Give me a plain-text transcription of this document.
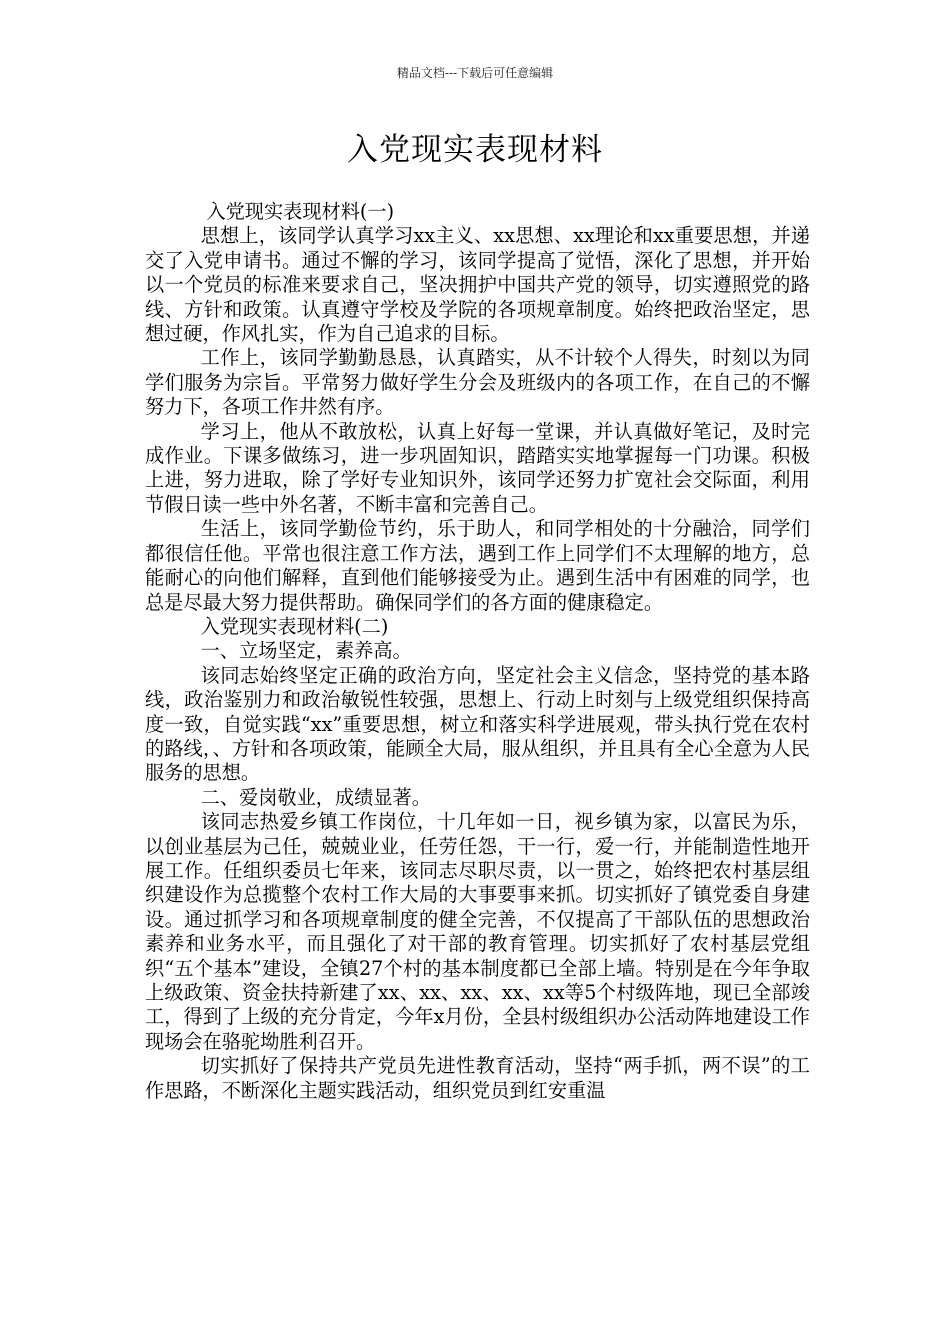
精品文档---下载后可任意编辑
入党现实表现材料

入党现实表现材料(一)

思想上，该同学认真学习xx主义、xx思想、xx理论和xx重要思想，并递交了入党申请书。通过不懈的学习，该同学提高了觉悟，深化了思想，并开始以一个党员的标准来要求自己，坚决拥护中国共产党的领导，切实遵照党的路线、方针和政策。认真遵守学校及学院的各项规章制度。始终把政治坚定，思想过硬，作风扎实，作为自己追求的目标。

工作上，该同学勤勤恳恳，认真踏实，从不计较个人得失，时刻以为同学们服务为宗旨。平常努力做好学生分会及班级内的各项工作，在自己的不懈努力下，各项工作井然有序。

学习上，他从不敢放松，认真上好每一堂课，并认真做好笔记，及时完成作业。下课多做练习，进一步巩固知识，踏踏实实地掌握每一门功课。积极上进，努力进取，除了学好专业知识外，该同学还努力扩宽社会交际面，利用节假日读一些中外名著，不断丰富和完善自己。

生活上，该同学勤俭节约，乐于助人，和同学相处的十分融洽，同学们都很信任他。平常也很注意工作方法，遇到工作上同学们不太理解的地方，总能耐心的向他们解释，直到他们能够接受为止。遇到生活中有困难的同学，也总是尽最大努力提供帮助。确保同学们的各方面的健康稳定。

入党现实表现材料(二)

一、立场坚定，素养高。

该同志始终坚定正确的政治方向，坚定社会主义信念，坚持党的基本路线，政治鉴别力和政治敏锐性较强，思想上、行动上时刻与上级党组织保持高度一致，自觉实践“xx”重要思想，树立和落实科学进展观，带头执行党在农村的路线，、方针和各项政策，能顾全大局，服从组织，并且具有全心全意为人民服务的思想。

二、爱岗敬业，成绩显著。

该同志热爱乡镇工作岗位，十几年如一日，视乡镇为家，以富民为乐，以创业基层为己任，兢兢业业，任劳任怨，干一行，爱一行，并能制造性地开展工作。任组织委员七年来，该同志尽职尽责，以一贯之，始终把农村基层组织建设作为总揽整个农村工作大局的大事要事来抓。切实抓好了镇党委自身建设。通过抓学习和各项规章制度的健全完善，不仅提高了干部队伍的思想政治素养和业务水平，而且强化了对干部的教育管理。切实抓好了农村基层党组织“五个基本”建设，全镇27个村的基本制度都已全部上墙。特别是在今年争取上级政策、资金扶持新建了xx、xx、xx、xx、xx等5个村级阵地，现已全部竣工，得到了上级的充分肯定，今年x月份，全县村级组织办公活动阵地建设工作现场会在骆驼坳胜利召开。

切实抓好了保持共产党员先进性教育活动，坚持“两手抓，两不误”的工作思路，不断深化主题实践活动，组织党员到红安重温
